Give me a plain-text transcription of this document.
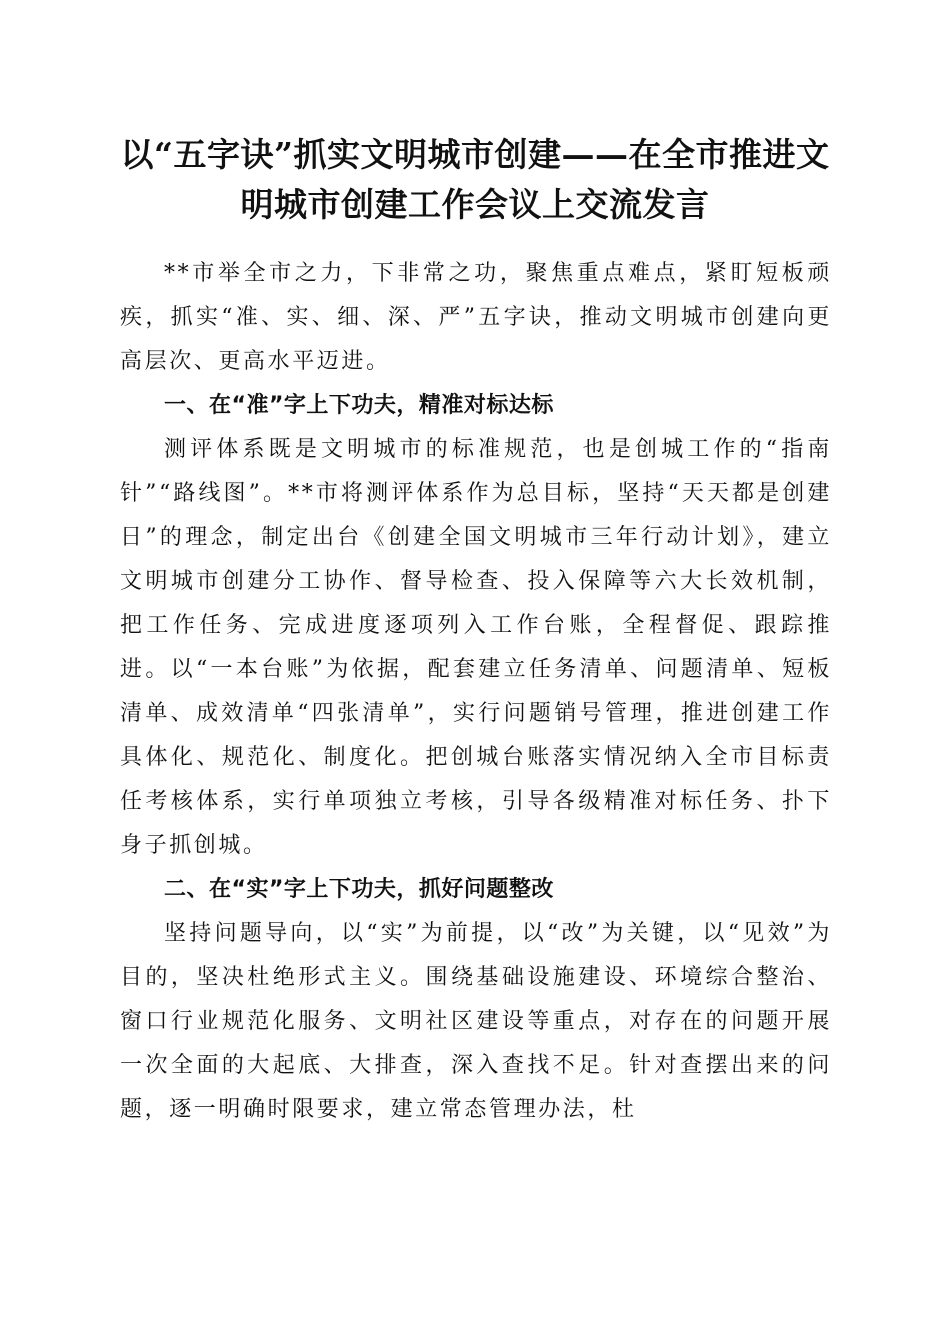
以“五字诀”抓实文明城市创建——在全市推进文明城市创建工作会议上交流发言

**市举全市之力，下非常之功，聚焦重点难点，紧盯短板顽疾，抓实“准、实、细、深、严”五字诀，推动文明城市创建向更高层次、更高水平迈进。

一、在“准”字上下功夫，精准对标达标

测评体系既是文明城市的标准规范，也是创城工作的“指南针”“路线图”。**市将测评体系作为总目标，坚持“天天都是创建日”的理念，制定出台《创建全国文明城市三年行动计划》，建立文明城市创建分工协作、督导检查、投入保障等六大长效机制，把工作任务、完成进度逐项列入工作台账，全程督促、跟踪推进。以“一本台账”为依据，配套建立任务清单、问题清单、短板清单、成效清单“四张清单”，实行问题销号管理，推进创建工作具体化、规范化、制度化。把创城台账落实情况纳入全市目标责任考核体系，实行单项独立考核，引导各级精准对标任务、扑下身子抓创城。

二、在“实”字上下功夫，抓好问题整改

坚持问题导向，以“实”为前提，以“改”为关键，以“见效”为目的，坚决杜绝形式主义。围绕基础设施建设、环境综合整治、窗口行业规范化服务、文明社区建设等重点，对存在的问题开展一次全面的大起底、大排查，深入查找不足。针对查摆出来的问题，逐一明确时限要求，建立常态管理办法，杜
